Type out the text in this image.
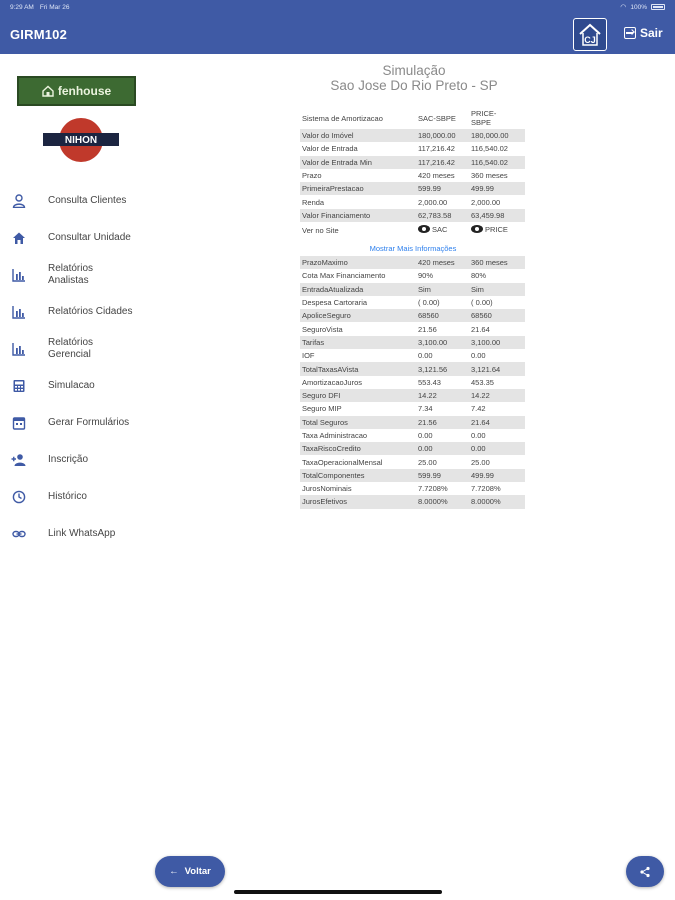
9:29 AM Fri Mar 26	◠ 100%
GIRM102	CJ	Sair
fenhouse
NIHON
Consulta Clientes
Consultar Unidade
Relatórios
Analistas
Relatórios Cidades
Relatórios
Gerencial
Simulacao
Gerar Formulários
Inscrição
Histórico
Link WhatsApp
Simulação
Sao Jose Do Rio Preto - SP
Sistema de Amortizacao	SAC-SBPE	PRICE-
SBPE
Valor do Imóvel	180,000.00	180,000.00
Valor de Entrada	117,216.42	116,540.02
Valor de Entrada Min	117,216.42	116,540.02
Prazo	420 meses	360 meses
PrimeiraPrestacao	599.99	499.99
Renda	2,000.00	2,000.00
Valor Financiamento	62,783.58	63,459.98
Ver no Site	SAC	PRICE
Mostrar Mais Informações
PrazoMaximo	420 meses	360 meses
Cota Max Financiamento	90%	80%
EntradaAtualizada	Sim	Sim
Despesa Cartoraria	( 0.00)	( 0.00)
ApoliceSeguro	68560	68560
SeguroVista	21.56	21.64
Tarifas	3,100.00	3,100.00
IOF	0.00	0.00
TotalTaxasAVista	3,121.56	3,121.64
AmortizacaoJuros	553.43	453.35
Seguro DFI	14.22	14.22
Seguro MIP	7.34	7.42
Total Seguros	21.56	21.64
Taxa Administracao	0.00	0.00
TaxaRiscoCredito	0.00	0.00
TaxaOperacionalMensal	25.00	25.00
TotalComponentes	599.99	499.99
JurosNominais	7.7208%	7.7208%
JurosEfetivos	8.0000%	8.0000%
← Voltar
